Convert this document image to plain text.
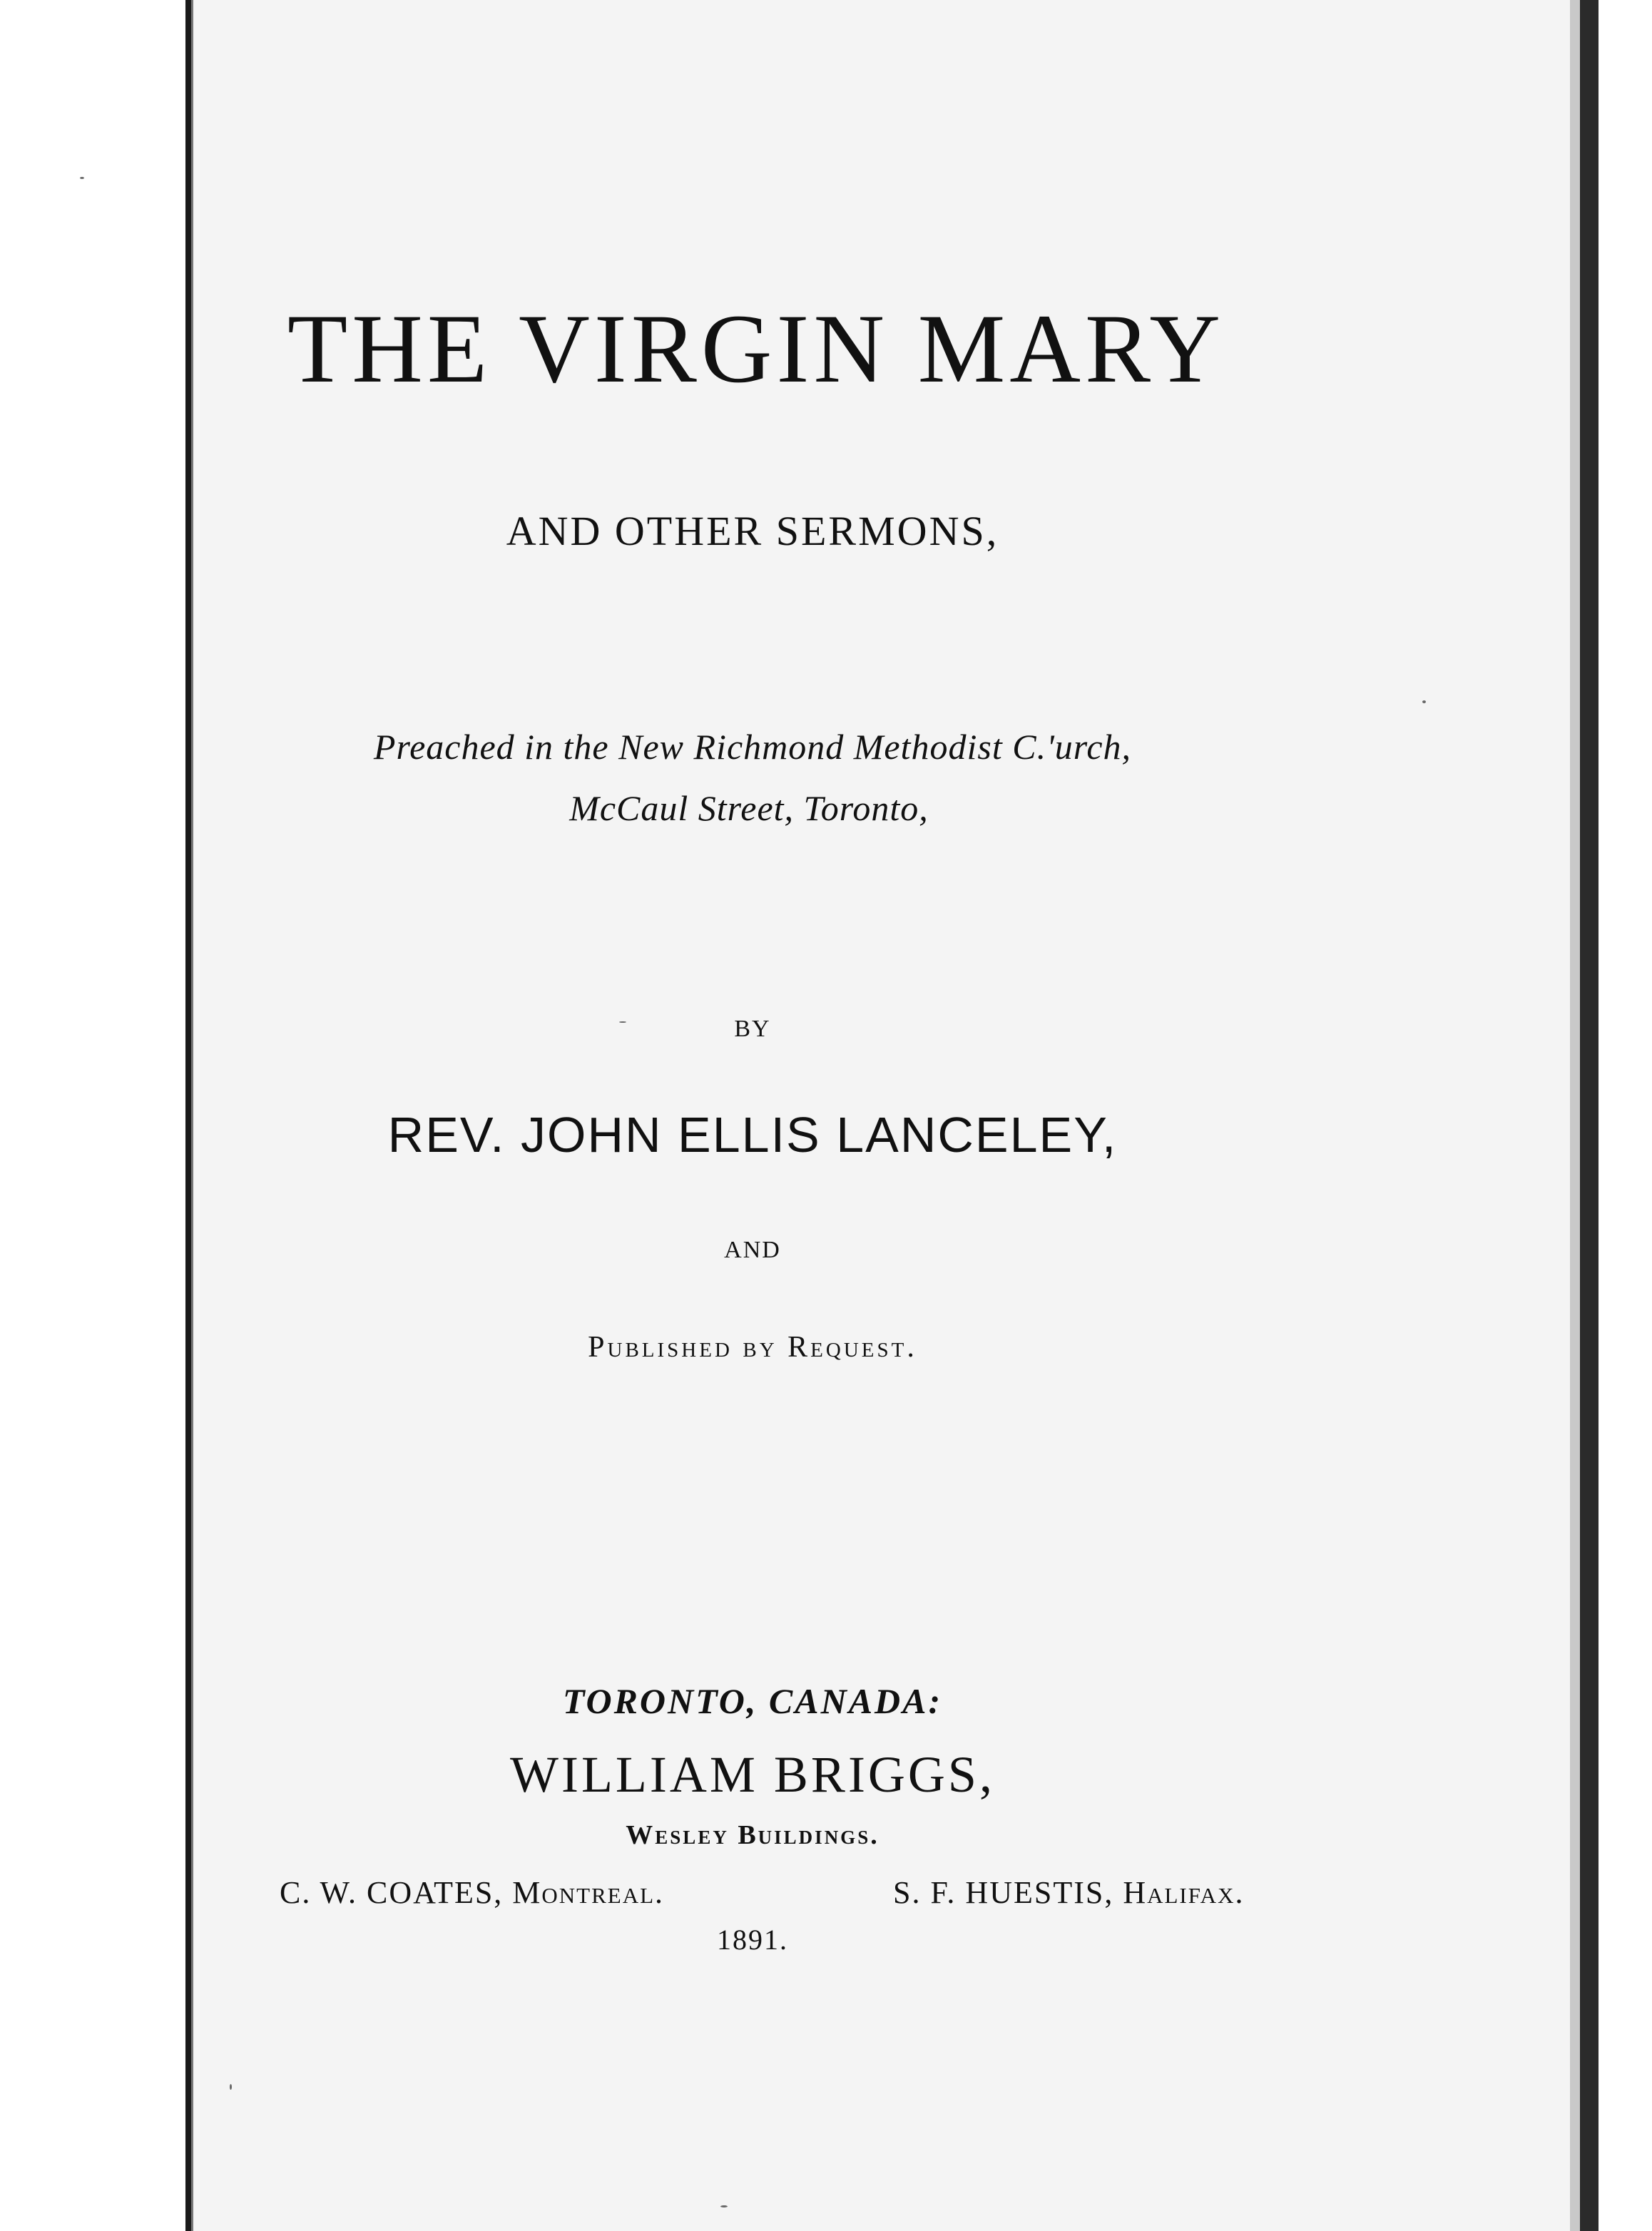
THE VIRGIN MARY
AND OTHER SERMONS,
Preached in the New Richmond Methodist C.'urch,
McCaul Street, Toronto,
BY
REV. JOHN ELLIS LANCELEY,
AND
Published by Request.
TORONTO, CANADA:
WILLIAM BRIGGS,
Wesley Buildings.
C. W. COATES, Montreal.	S. F. HUESTIS, Halifax.
1891.
